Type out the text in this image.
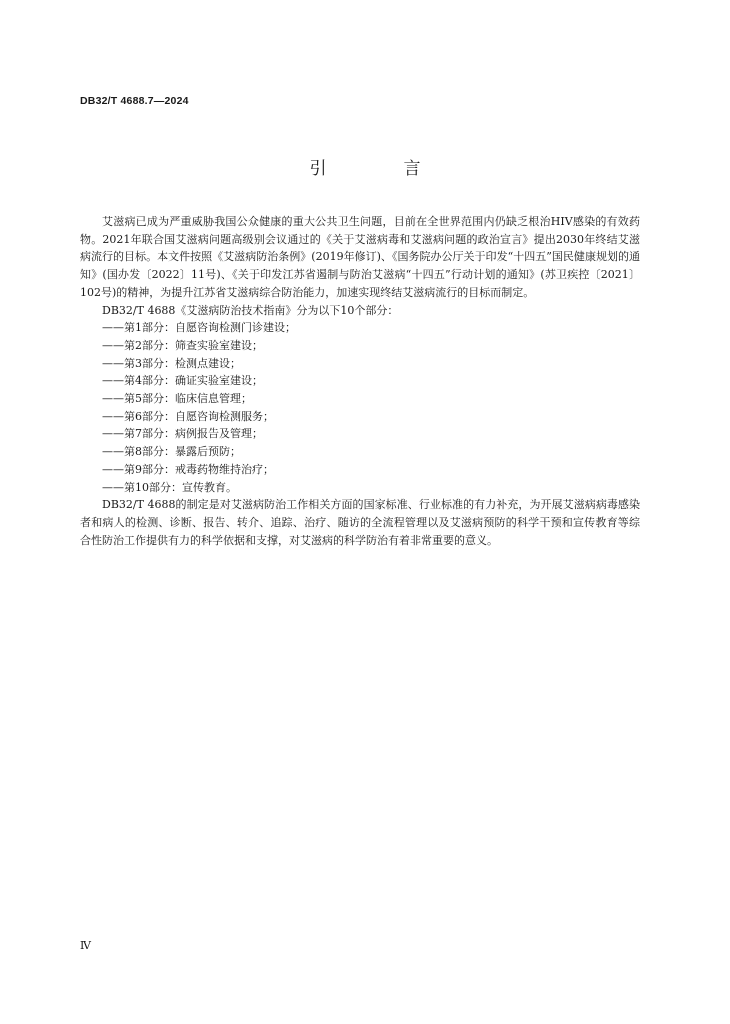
DB32/T 4688.7—2024
引　言

艾滋病已成为严重威胁我国公众健康的重大公共卫生问题，目前在全世界范围内仍缺乏根治HIV感染的有效药物。2021年联合国艾滋病问题高级别会议通过的《关于艾滋病毒和艾滋病问题的政治宣言》提出2030年终结艾滋病流行的目标。本文件按照《艾滋病防治条例》(2019年修订)、《国务院办公厅关于印发“十四五”国民健康规划的通知》(国办发〔2022〕11号)、《关于印发江苏省遏制与防治艾滋病“十四五”行动计划的通知》(苏卫疾控〔2021〕102号)的精神，为提升江苏省艾滋病综合防治能力，加速实现终结艾滋病流行的目标而制定。

DB32/T 4688《艾滋病防治技术指南》分为以下10个部分：

——第1部分：自愿咨询检测门诊建设；

——第2部分：筛查实验室建设；

——第3部分：检测点建设；

——第4部分：确证实验室建设；

——第5部分：临床信息管理；

——第6部分：自愿咨询检测服务；

——第7部分：病例报告及管理；

——第8部分：暴露后预防；

——第9部分：戒毒药物维持治疗；

——第10部分：宣传教育。

DB32/T 4688的制定是对艾滋病防治工作相关方面的国家标准、行业标准的有力补充，为开展艾滋病病毒感染者和病人的检测、诊断、报告、转介、追踪、治疗、随访的全流程管理以及艾滋病预防的科学干预和宣传教育等综合性防治工作提供有力的科学依据和支撑，对艾滋病的科学防治有着非常重要的意义。

Ⅳ
